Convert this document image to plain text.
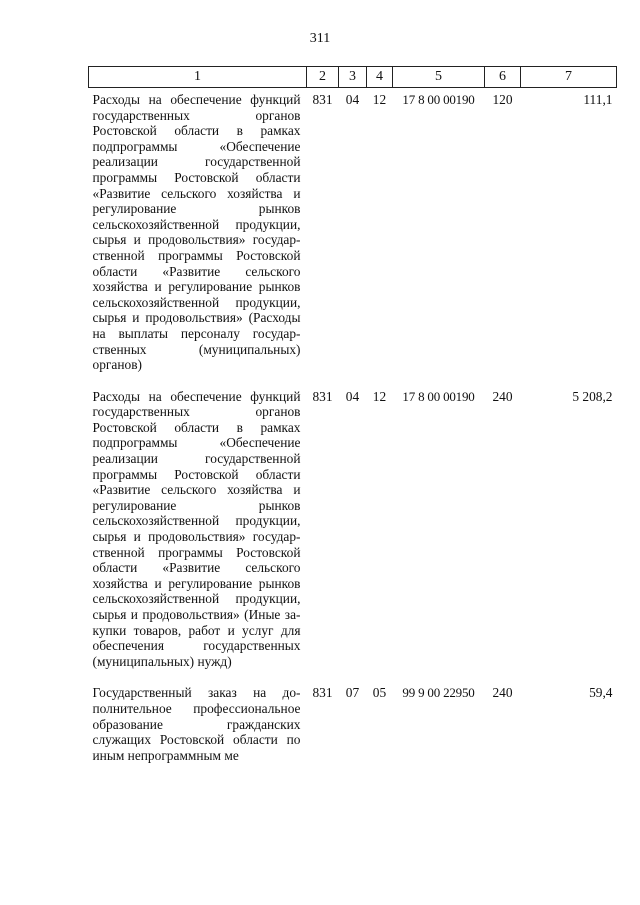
311
1	2	3	4	5	6	7
Расходы на обеспечение функций государственных органов Ростовской области в рамках подпрограммы «Обеспечение реализации государственной программы Ростовской области «Развитие сельского хозяйства и регулирование рынков сельскохозяйственной продукции, сырья и продовольствия» государственной программы Ростовской области «Развитие сельского хозяйства и регулирование рынков сельскохозяйственной продукции, сырья и продовольствия» (Расходы на выплаты персоналу государственных (муниципальных) органов)	831	04	12	17 8 00 00190	120	111,1
Расходы на обеспечение функций государственных органов Ростовской области в рамках подпрограммы «Обеспечение реализации государственной программы Ростовской области «Развитие сельского хозяйства и регулирование рынков сельскохозяйственной продукции, сырья и продовольствия» государственной программы Ростовской области «Развитие сельского хозяйства и регулирование рынков сельскохозяйственной продукции, сырья и продовольствия» (Иные закупки товаров, работ и услуг для обеспечения государственных (муниципальных) нужд)	831	04	12	17 8 00 00190	240	5 208,2
Государственный заказ на дополнительное профессиональное образование гражданских служащих Ростовской области по иным непрограммным ме	831	07	05	99 9 00 22950	240	59,4
